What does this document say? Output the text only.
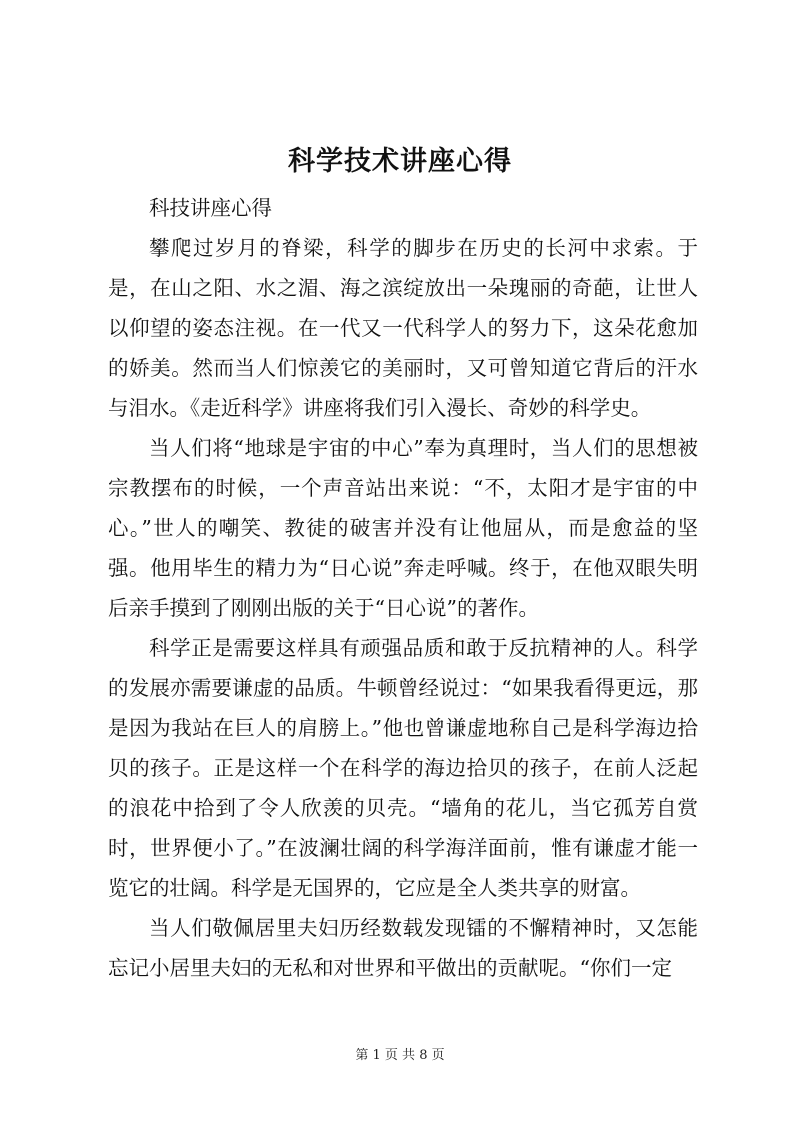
科学技术讲座心得

科技讲座心得

攀爬过岁月的脊梁，科学的脚步在历史的长河中求索。于是，在山之阳、水之湄、海之滨绽放出一朵瑰丽的奇葩，让世人以仰望的姿态注视。在一代又一代科学人的努力下，这朵花愈加的娇美。然而当人们惊羡它的美丽时，又可曾知道它背后的汗水与泪水。《走近科学》讲座将我们引入漫长、奇妙的科学史。

当人们将“地球是宇宙的中心”奉为真理时，当人们的思想被宗教摆布的时候，一个声音站出来说：“不，太阳才是宇宙的中心。”世人的嘲笑、教徒的破害并没有让他屈从，而是愈益的坚强。他用毕生的精力为“日心说”奔走呼喊。终于，在他双眼失明后亲手摸到了刚刚出版的关于“日心说”的著作。

科学正是需要这样具有顽强品质和敢于反抗精神的人。科学的发展亦需要谦虚的品质。牛顿曾经说过：“如果我看得更远，那是因为我站在巨人的肩膀上。”他也曾谦虚地称自己是科学海边拾贝的孩子。正是这样一个在科学的海边拾贝的孩子，在前人泛起的浪花中拾到了令人欣羡的贝壳。“墙角的花儿，当它孤芳自赏时，世界便小了。”在波澜壮阔的科学海洋面前，惟有谦虚才能一览它的壮阔。科学是无国界的，它应是全人类共享的财富。

当人们敬佩居里夫妇历经数载发现镭的不懈精神时，又怎能忘记小居里夫妇的无私和对世界和平做出的贡献呢。“你们一定

第 1 页 共 8 页
